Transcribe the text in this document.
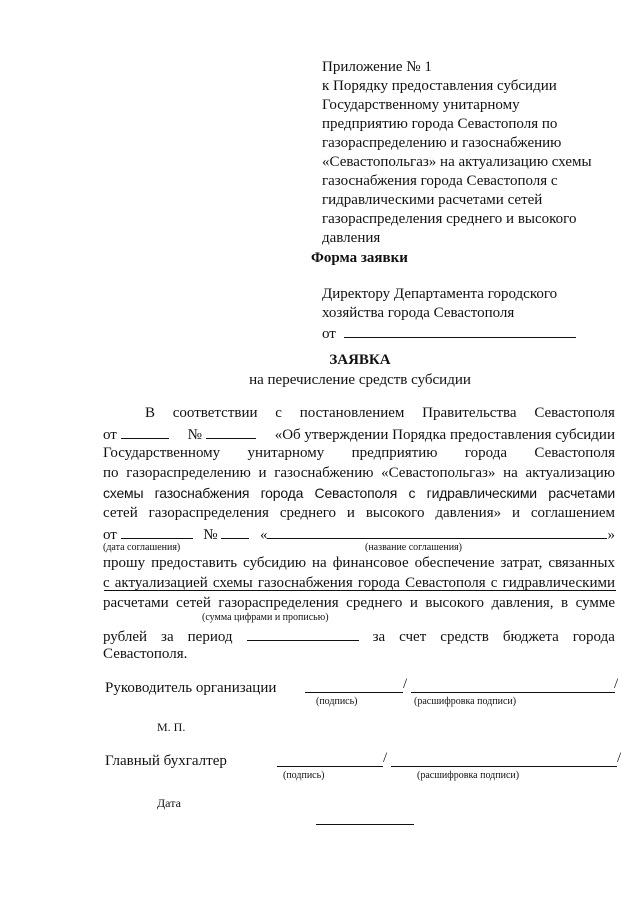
Приложение № 1
к Порядку предоставления субсидии
Государственному унитарному
предприятию города Севастополя по
газораспределению и газоснабжению
«Севастопольгаз» на актуализацию схемы
газоснабжения города Севастополя с
гидравлическими расчетами сетей
газораспределения среднего и высокого
давления
Форма заявки
Директору Департамента городского
хозяйства города Севастополя
от
ЗАЯВКА
на перечисление средств субсидии
В соответствии с постановлением Правительства Севастополя
от	№	«Об утверждении Порядка предоставления субсидии
Государственному унитарному предприятию города Севастополя
по газораспределению и газоснабжению «Севастопольгаз» на актуализацию
схемы газоснабжения города Севастополя с гидравлическими расчетами
сетей газораспределения среднего и высокого давления» и соглашением
от	№	«	»
(дата соглашения)	(название соглашения)
прошу предоставить субсидию на финансовое обеспечение затрат, связанных
с актуализацией схемы газоснабжения города Севастополя с гидравлическими
расчетами сетей газораспределения среднего и высокого давления, в сумме
(сумма цифрами и прописью)
рублей за период	за счет средств бюджета города
Севастополя.
Руководитель организации	/	/
(подпись)	(расшифровка подписи)
М. П.
Главный бухгалтер	/	/
(подпись)	(расшифровка подписи)
Дата
